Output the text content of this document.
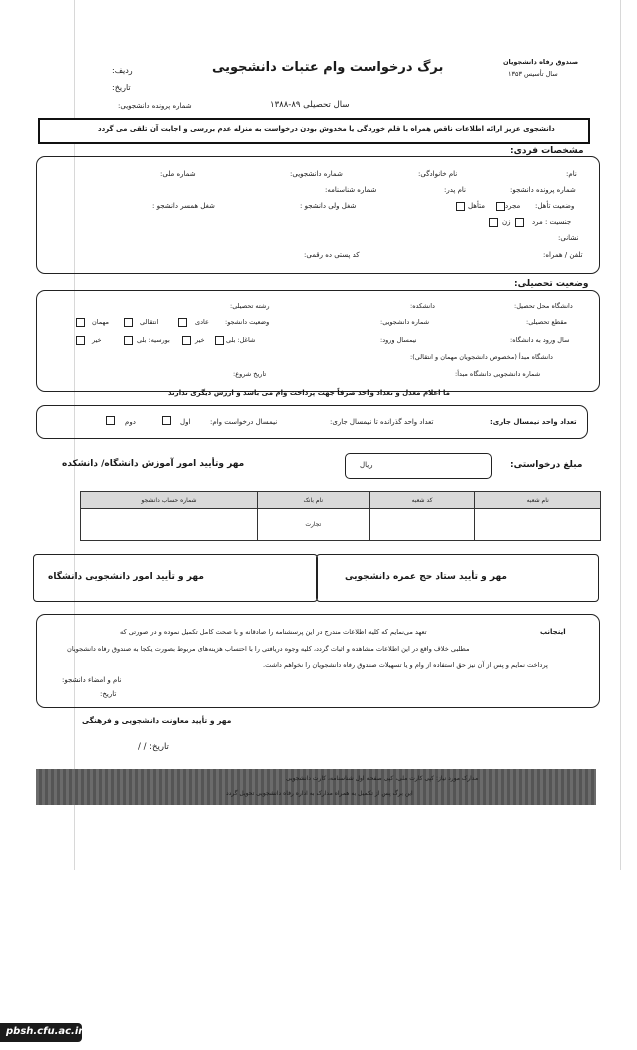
صندوق رفاه دانشجویان
سال تأسیس ۱۳۵۳
برگ درخواست وام عتبات دانشجویی
ردیف:
تاریخ:
سال تحصیلی ۸۹-۱۳۸۸
شماره پرونده دانشجویی:
دانشجوی عزیز ارائه اطلاعات ناقص همراه با قلم خوردگی یا مخدوش بودن درخواست به منزله عدم بررسی و اجابت آن تلقی می گردد
مشخصات فردی:
نام:
نام خانوادگی:
شماره دانشجویی:
شماره ملی:
شماره پرونده دانشجو:
نام پدر:
شماره شناسنامه:
وضعیت تأهل:
مجرد
متأهل
شغل ولی دانشجو :
شغل همسر دانشجو :
جنسیت : مرد
زن
نشانی:
تلفن / همراه:
کد پستی ده رقمی:
وضعیت تحصیلی:
دانشگاه محل تحصیل:
دانشکده:
رشته تحصیلی:
مقطع تحصیلی:
شماره دانشجویی:
وضعیت دانشجو:
عادی
انتقالی
مهمان
سال ورود به دانشگاه:
نیمسال ورود:
شاغل: بلی
خیر
بورسیه: بلی
خیر
دانشگاه مبدأ (مخصوص دانشجویان مهمان و انتقالی):
شماره دانشجویی دانشگاه مبدأ:
تاریخ شروع:
ما اعلام معدل و تعداد واحد صرفاً جهت پرداخت وام می باشد و ارزش دیگری ندارند
تعداد واحد نیمسال جاری:
تعداد واحد گذرانده تا نیمسال جاری:
نیمسال درخواست وام:
اول
دوم
مبلغ درخواستی:
ریال
مهر وتأیید امور آموزش دانشگاه/ دانشکده
شماره حساب دانشجو	نام بانک	کد شعبه	نام شعبه
	تجارت		
مهر و تأیید ستاد حج عمره دانشجویی
مهر و تأیید امور دانشجویی دانشگاه
اینجانب
تعهد می‌نمایم که کلیه اطلاعات مندرج در این پرسشنامه را صادقانه و با صحت کامل تکمیل نموده و در صورتی که
مطلبی خلاف واقع در این اطلاعات مشاهده و اثبات گردد، کلیه وجوه دریافتی را با احتساب هزینه‌های مربوط بصورت یکجا به صندوق رفاه دانشجویان
پرداخت نمایم و پس از آن نیز حق استفاده از وام و یا تسهیلات صندوق رفاه دانشجویان را نخواهم داشت.
نام و امضاء دانشجو:
تاریخ:
مهر و تأیید معاونت دانشجویی و فرهنگی
تاریخ: / /
مدارک مورد نیاز: کپی کارت ملی، کپی صفحه اول شناسنامه، کارت دانشجویی
این برگ پس از تکمیل به همراه مدارک به اداره رفاه دانشجویی تحویل گردد
pbsh.cfu.ac.ir
